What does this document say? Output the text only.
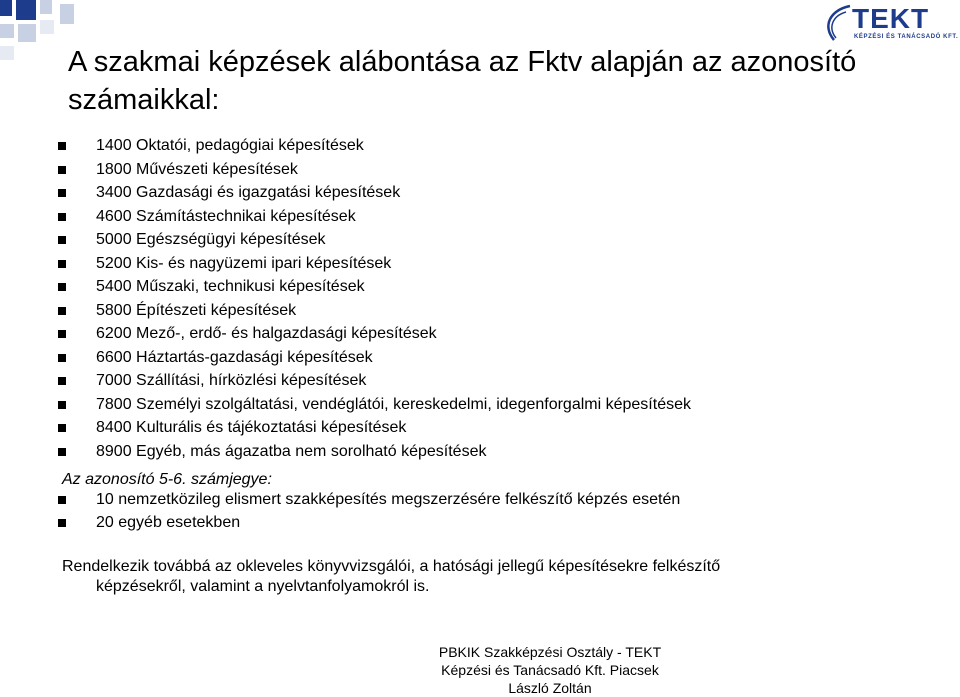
TEKT
KÉPZÉSI ÉS TANÁCSADÓ KFT.
A szakmai képzések alábontása az Fktv alapján az azonosító számaikkal:
1400 Oktatói, pedagógiai képesítések
1800 Művészeti képesítések
3400 Gazdasági és igazgatási képesítések
4600 Számítástechnikai képesítések
5000 Egészségügyi képesítések
5200 Kis- és nagyüzemi ipari képesítések
5400 Műszaki, technikusi képesítések
5800 Építészeti képesítések
6200 Mező-, erdő- és halgazdasági képesítések
6600 Háztartás-gazdasági képesítések
7000 Szállítási, hírközlési képesítések
7800 Személyi szolgáltatási, vendéglátói, kereskedelmi, idegenforgalmi képesítések
8400 Kulturális és tájékoztatási képesítések
8900 Egyéb, más ágazatba nem sorolható képesítések
Az azonosító 5-6. számjegye:
10 nemzetközileg elismert szakképesítés megszerzésére felkészítő képzés esetén
20 egyéb esetekben

Rendelkezik továbbá az okleveles könyvvizsgálói, a hatósági jellegű képesítésekre felkészítő
képzésekről, valamint a nyelvtanfolyamokról is.

PBKIK Szakképzési Osztály - TEKT
Képzési és Tanácsadó Kft. Piacsek
László Zoltán
